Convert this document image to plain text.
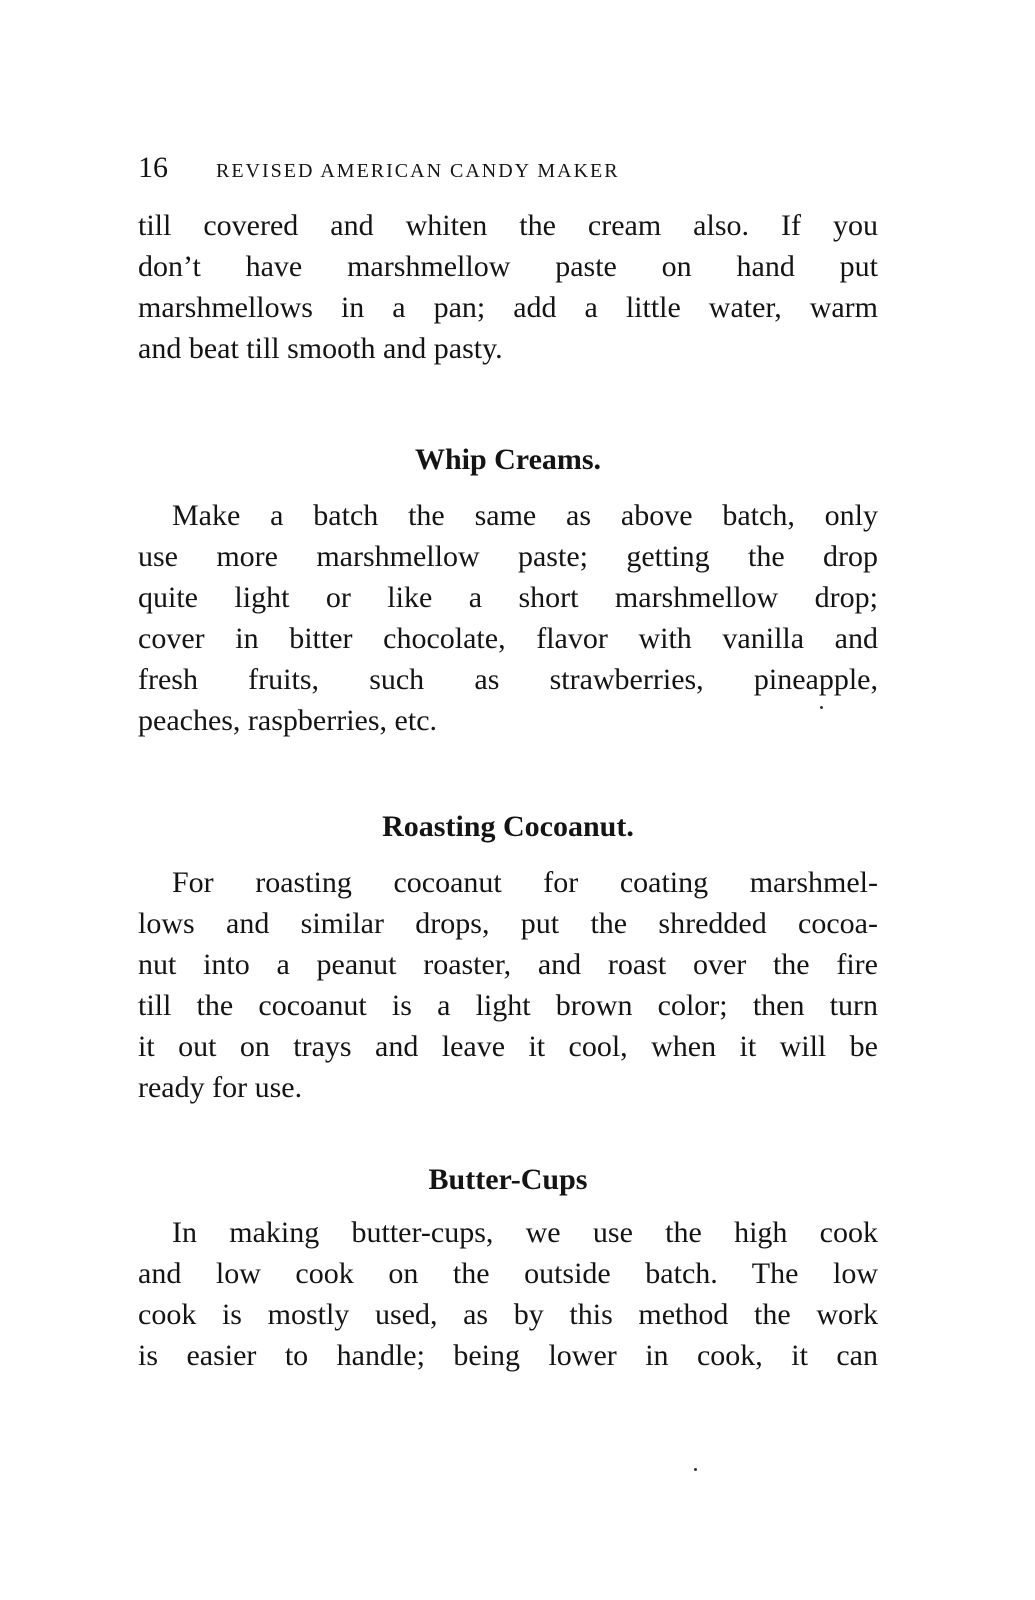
16 REVISED AMERICAN CANDY MAKER
till covered and whiten the cream also. If you
don’t have marshmellow paste on hand put
marshmellows in a pan; add a little water, warm
and beat till smooth and pasty.
Whip Creams.
Make a batch the same as above batch, only
use more marshmellow paste; getting the drop
quite light or like a short marshmellow drop;
cover in bitter chocolate, flavor with vanilla and
fresh fruits, such as strawberries, pineapple,
peaches, raspberries, etc.
Roasting Cocoanut.
For roasting cocoanut for coating marshmel-
lows and similar drops, put the shredded cocoa-
nut into a peanut roaster, and roast over the fire
till the cocoanut is a light brown color; then turn
it out on trays and leave it cool, when it will be
ready for use.
Butter-Cups
In making butter-cups, we use the high cook
and low cook on the outside batch. The low
cook is mostly used, as by this method the work
is easier to handle; being lower in cook, it can
